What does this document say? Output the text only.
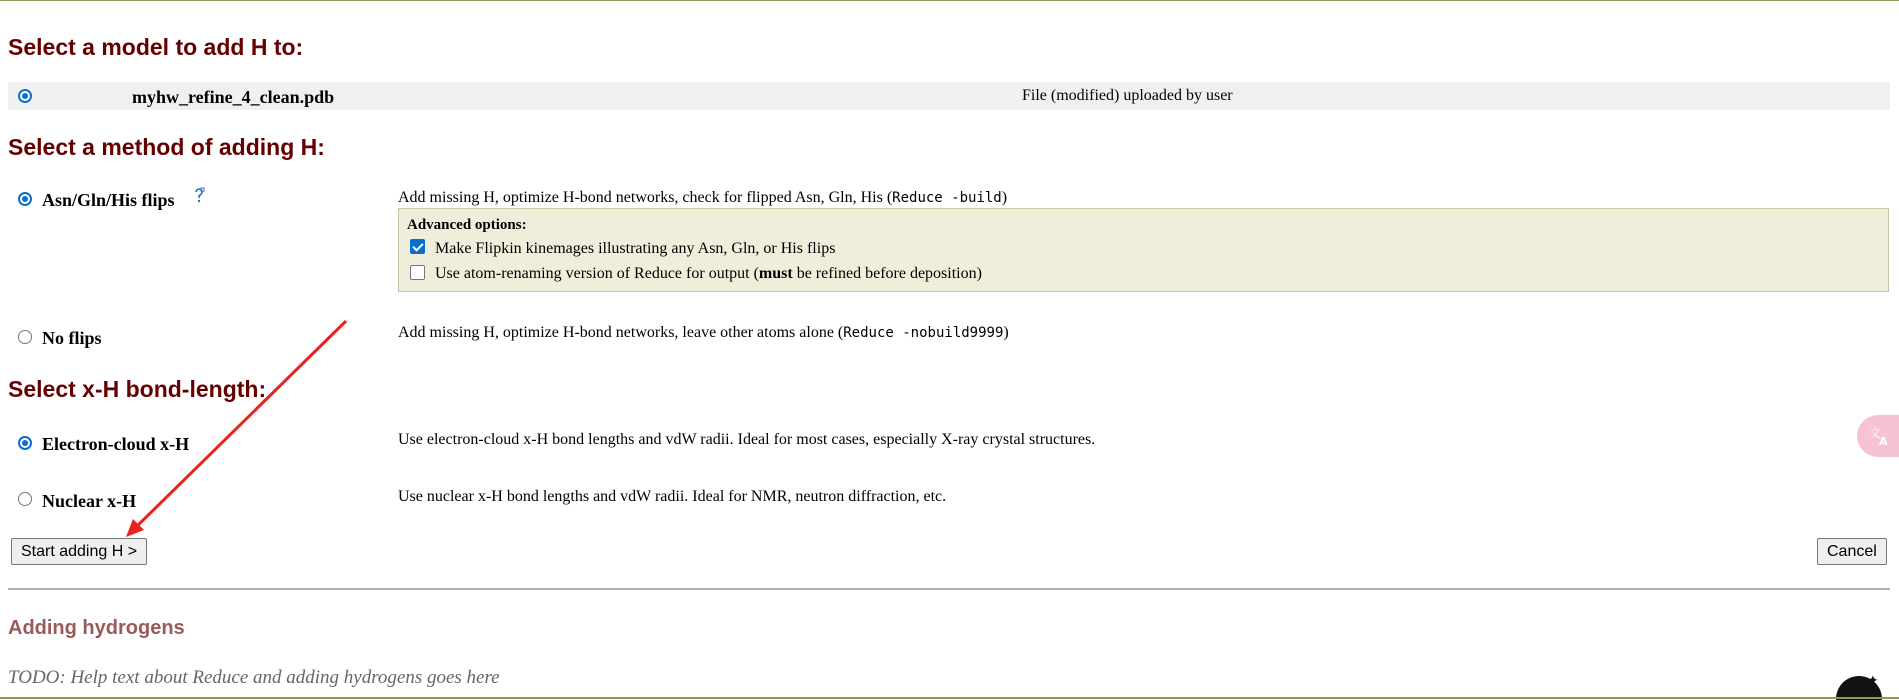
Select a model to add H to:
myhw_refine_4_clean.pdb	File (modified) uploaded by user
Select a method of adding H:
Asn/Gln/His flips	Add missing H, optimize H-bond networks, check for flipped Asn, Gln, His (Reduce -build)
Advanced options:
Make Flipkin kinemages illustrating any Asn, Gln, or His flips
Use atom-renaming version of Reduce for output (must be refined before deposition)
No flips	Add missing H, optimize H-bond networks, leave other atoms alone (Reduce -nobuild9999)
Select x-H bond-length:
Electron-cloud x-H	Use electron-cloud x-H bond lengths and vdW radii. Ideal for most cases, especially X-ray crystal structures.
Nuclear x-H	Use nuclear x-H bond lengths and vdW radii. Ideal for NMR, neutron diffraction, etc.
Start adding H >	Cancel
Adding hydrogens
TODO: Help text about Reduce and adding hydrogens goes here
文
A
✦
